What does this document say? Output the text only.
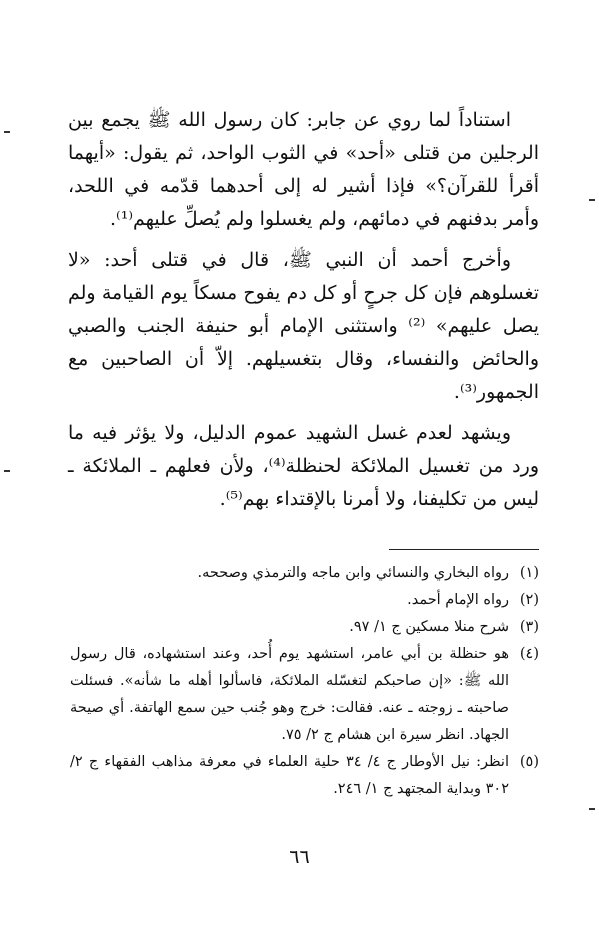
استناداً لما روي عن جابر: كان رسول الله ﷺ يجمع بين الرجلين من قتلى «أحد» في الثوب الواحد، ثم يقول: «أيهما أقرأ للقرآن؟» فإذا أشير له إلى أحدهما قدّمه في اللحد، وأمر بدفنهم في دمائهم، ولم يغسلوا ولم يُصلِّ عليهم⁽¹⁾.

وأخرج أحمد أن النبي ﷺ، قال في قتلى أحد: «لا تغسلوهم فإن كل جرحٍ أو كل دم يفوح مسكاً يوم القيامة ولم يصل عليهم» ⁽²⁾ واستثنى الإمام أبو حنيفة الجنب والصبي والحائض والنفساء، وقال بتغسيلهم. إلاّ أن الصاحبين مع الجمهور⁽³⁾.

ويشهد لعدم غسل الشهيد عموم الدليل، ولا يؤثر فيه ما ورد من تغسيل الملائكة لحنظلة⁽⁴⁾، ولأن فعلهم ـ الملائكة ـ ليس من تكليفنا، ولا أمرنا بالإقتداء بهم⁽⁵⁾.

(١)
رواه البخاري والنسائي وابن ماجه والترمذي وصححه.
(٢)
رواه الإمام أحمد.
(٣)
شرح منلا مسكين ج ١/ ٩٧.
(٤)
هو حنظلة بن أبي عامر، استشهد يوم أُحد، وعند استشهاده، قال رسول الله ﷺ: «إن صاحبكم لتغسّله الملائكة، فاسألوا أهله ما شأنه». فسئلت صاحبته ـ زوجته ـ عنه. فقالت: خرج وهو جُنب حين سمع الهاتفة. أي صيحة الجهاد. انظر سيرة ابن هشام ج ٢/ ٧٥.
(٥)
انظر: نيل الأوطار ج ٤/ ٣٤ حلية العلماء في معرفة مذاهب الفقهاء ج ٢/ ٣٠٢ وبداية المجتهد ج ١/ ٢٤٦.
٦٦
